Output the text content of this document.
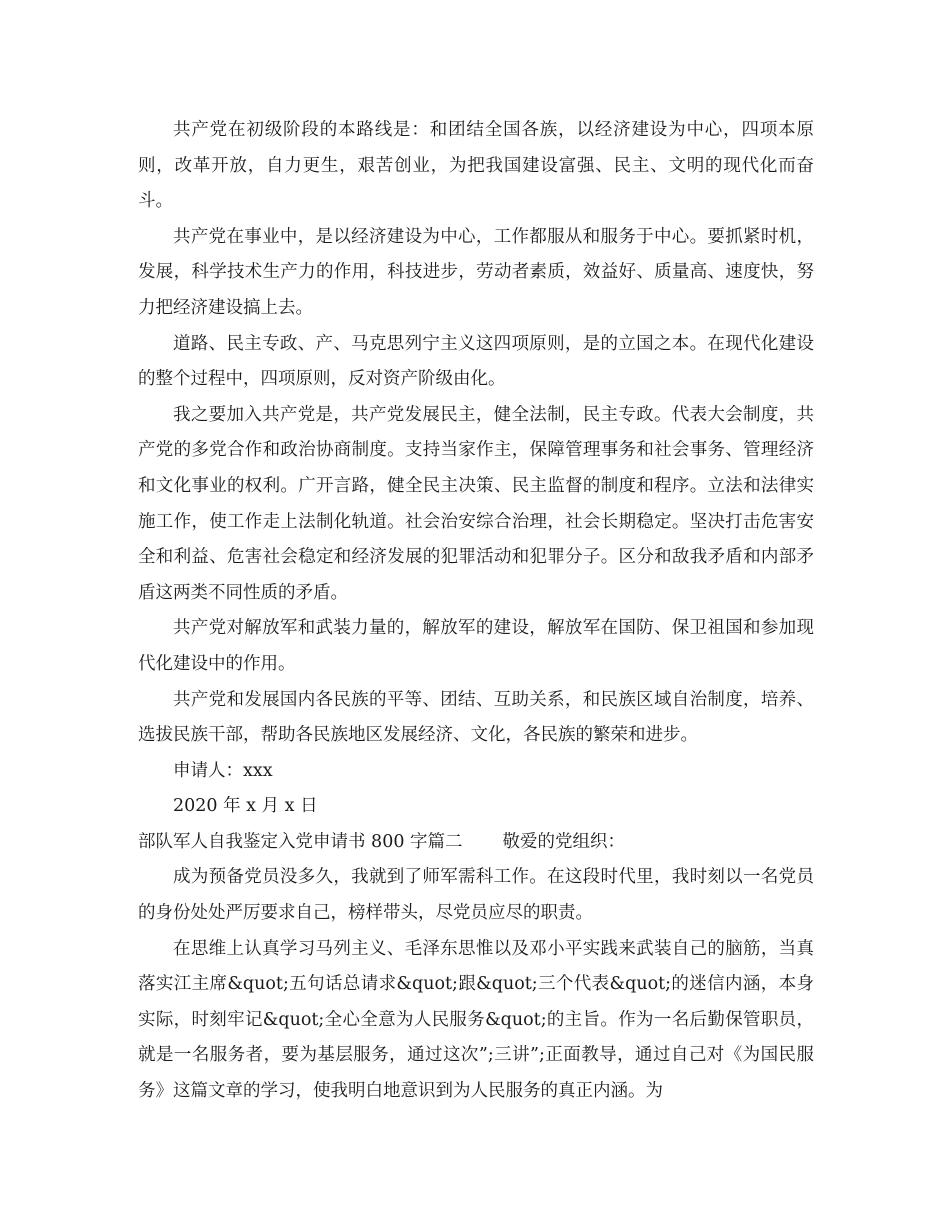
共产党在初级阶段的本路线是：和团结全国各族，以经济建设为中心，四项本原则，改革开放，自力更生，艰苦创业，为把我国建设富强、民主、文明的现代化而奋斗。

共产党在事业中，是以经济建设为中心，工作都服从和服务于中心。要抓紧时机，发展，科学技术生产力的作用，科技进步，劳动者素质，效益好、质量高、速度快，努力把经济建设搞上去。

道路、民主专政、产、马克思列宁主义这四项原则，是的立国之本。在现代化建设的整个过程中，四项原则，反对资产阶级由化。

我之要加入共产党是，共产党发展民主，健全法制，民主专政。代表大会制度，共产党的多党合作和政治协商制度。支持当家作主，保障管理事务和社会事务、管理经济和文化事业的权利。广开言路，健全民主决策、民主监督的制度和程序。立法和法律实施工作，使工作走上法制化轨道。社会治安综合治理，社会长期稳定。坚决打击危害安全和利益、危害社会稳定和经济发展的犯罪活动和犯罪分子。区分和敌我矛盾和内部矛盾这两类不同性质的矛盾。

共产党对解放军和武装力量的，解放军的建设，解放军在国防、保卫祖国和参加现代化建设中的作用。

共产党和发展国内各民族的平等、团结、互助关系，和民族区域自治制度，培养、选拔民族干部，帮助各民族地区发展经济、文化，各民族的繁荣和进步。

申请人：xxx

2020 年 x 月 x 日

部队军人自我鉴定入党申请书 800 字篇二 敬爱的党组织：

成为预备党员没多久，我就到了师军需科工作。在这段时代里，我时刻以一名党员的身份处处严厉要求自己，榜样带头，尽党员应尽的职责。

在思维上认真学习马列主义、毛泽东思惟以及邓小平实践来武装自己的脑筋，当真落实江主席&quot;五句话总请求&quot;跟&quot;三个代表&quot;的迷信内涵，本身实际，时刻牢记&quot;全心全意为人民服务&quot;的主旨。作为一名后勤保管职员，就是一名服务者，要为基层服务，通过这次”;三讲”;正面教导，通过自己对《为国民服务》这篇文章的学习，使我明白地意识到为人民服务的真正内涵。为
